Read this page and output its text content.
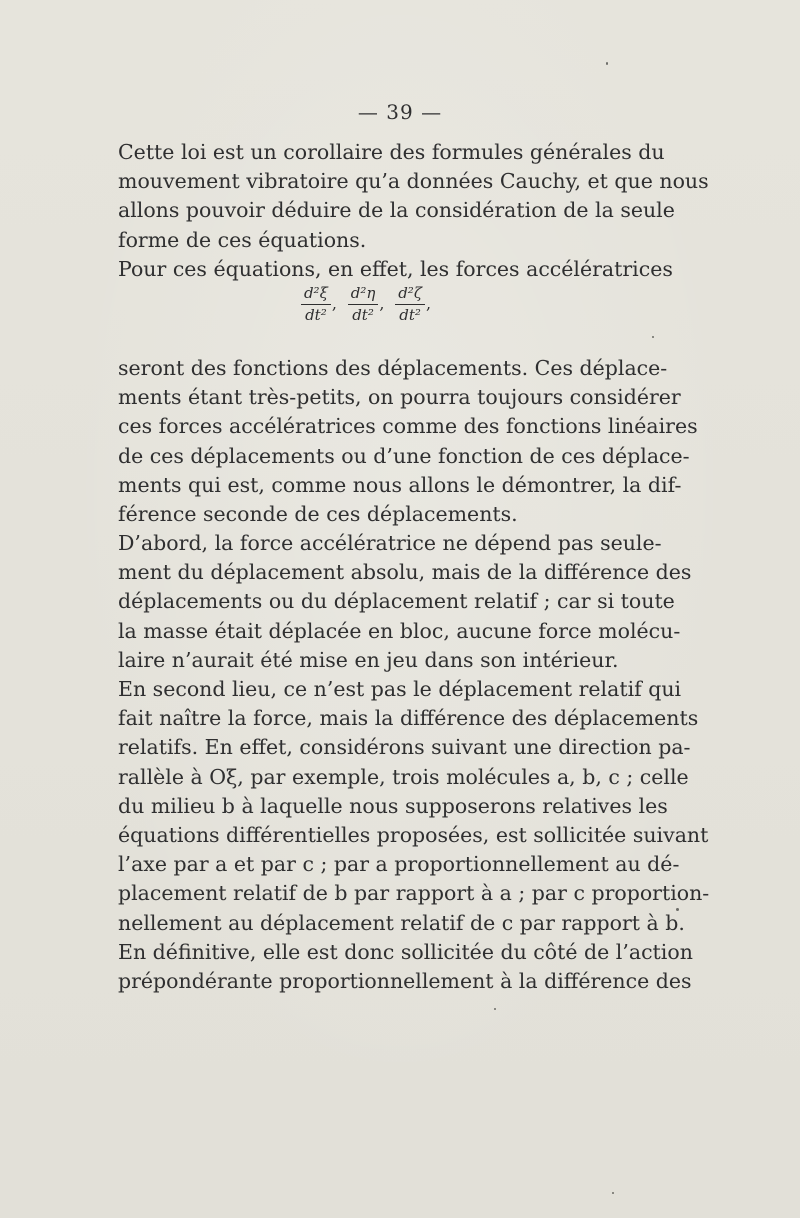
— 39 —
Cette loi est un corollaire des formules générales du
mouvement vibratoire qu’a données Cauchy, et que nous
allons pouvoir déduire de la considération de la seule
forme de ces équations.
Pour ces équations, en effet, les forces accélératrices
$\frac{\text{d²ξ}}{\text{dt²}}$ , $\frac{\text{d²η}}{\text{dt²}}$ , $\frac{\text{d²ζ}}{\text{dt²}}$ ,
seront des fonctions des déplacements. Ces déplace-
ments étant très-petits, on pourra toujours considérer
ces forces accélératrices comme des fonctions linéaires
de ces déplacements ou d’une fonction de ces déplace-
ments qui est, comme nous allons le démontrer, la dif-
férence seconde de ces déplacements.
D’abord, la force accélératrice ne dépend pas seule-
ment du déplacement absolu, mais de la différence des
déplacements ou du déplacement relatif ; car si toute
la masse était déplacée en bloc, aucune force molécu-
laire n’aurait été mise en jeu dans son intérieur.
En second lieu, ce n’est pas le déplacement relatif qui
fait naître la force, mais la différence des déplacements
relatifs. En effet, considérons suivant une direction pa-
rallèle à Oξ, par exemple, trois molécules a, b, c ; celle
du milieu b à laquelle nous supposerons relatives les
équations différentielles proposées, est sollicitée suivant
l’axe par a et par c ; par a proportionnellement au dé-
placement relatif de b par rapport à a ; par c proportion-
nellement au déplacement relatif de c par rapport à b.
En définitive, elle est donc sollicitée du côté de l’action
prépondérante proportionnellement à la différence des
